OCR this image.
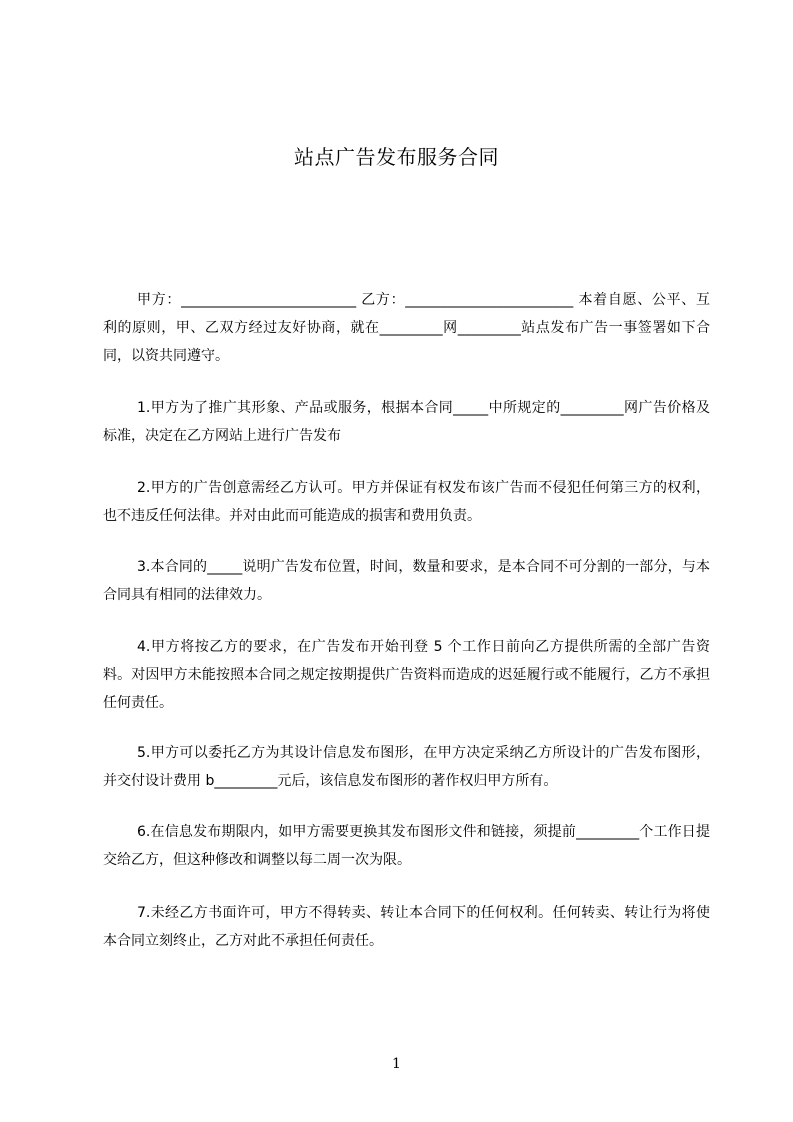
站点广告发布服务合同

甲方：_________________________ 乙方：________________________ 本着自愿、公平、互利的原则，甲、乙双方经过友好协商，就在_________网_________站点发布广告一事签署如下合同，以资共同遵守。

1.甲方为了推广其形象、产品或服务，根据本合同_____中所规定的_________网广告价格及标准，决定在乙方网站上进行广告发布

2.甲方的广告创意需经乙方认可。甲方并保证有权发布该广告而不侵犯任何第三方的权利，也不违反任何法律。并对由此而可能造成的损害和费用负责。

3.本合同的_____说明广告发布位置，时间，数量和要求，是本合同不可分割的一部分，与本合同具有相同的法律效力。

4.甲方将按乙方的要求，在广告发布开始刊登 5 个工作日前向乙方提供所需的全部广告资料。对因甲方未能按照本合同之规定按期提供广告资料而造成的迟延履行或不能履行，乙方不承担任何责任。

5.甲方可以委托乙方为其设计信息发布图形，在甲方决定采纳乙方所设计的广告发布图形，并交付设计费用 b_________元后，该信息发布图形的著作权归甲方所有。

6.在信息发布期限内，如甲方需要更换其发布图形文件和链接，须提前_________个工作日提交给乙方，但这种修改和调整以每二周一次为限。

7.未经乙方书面许可，甲方不得转卖、转让本合同下的任何权利。任何转卖、转让行为将使本合同立刻终止，乙方对此不承担任何责任。

1
